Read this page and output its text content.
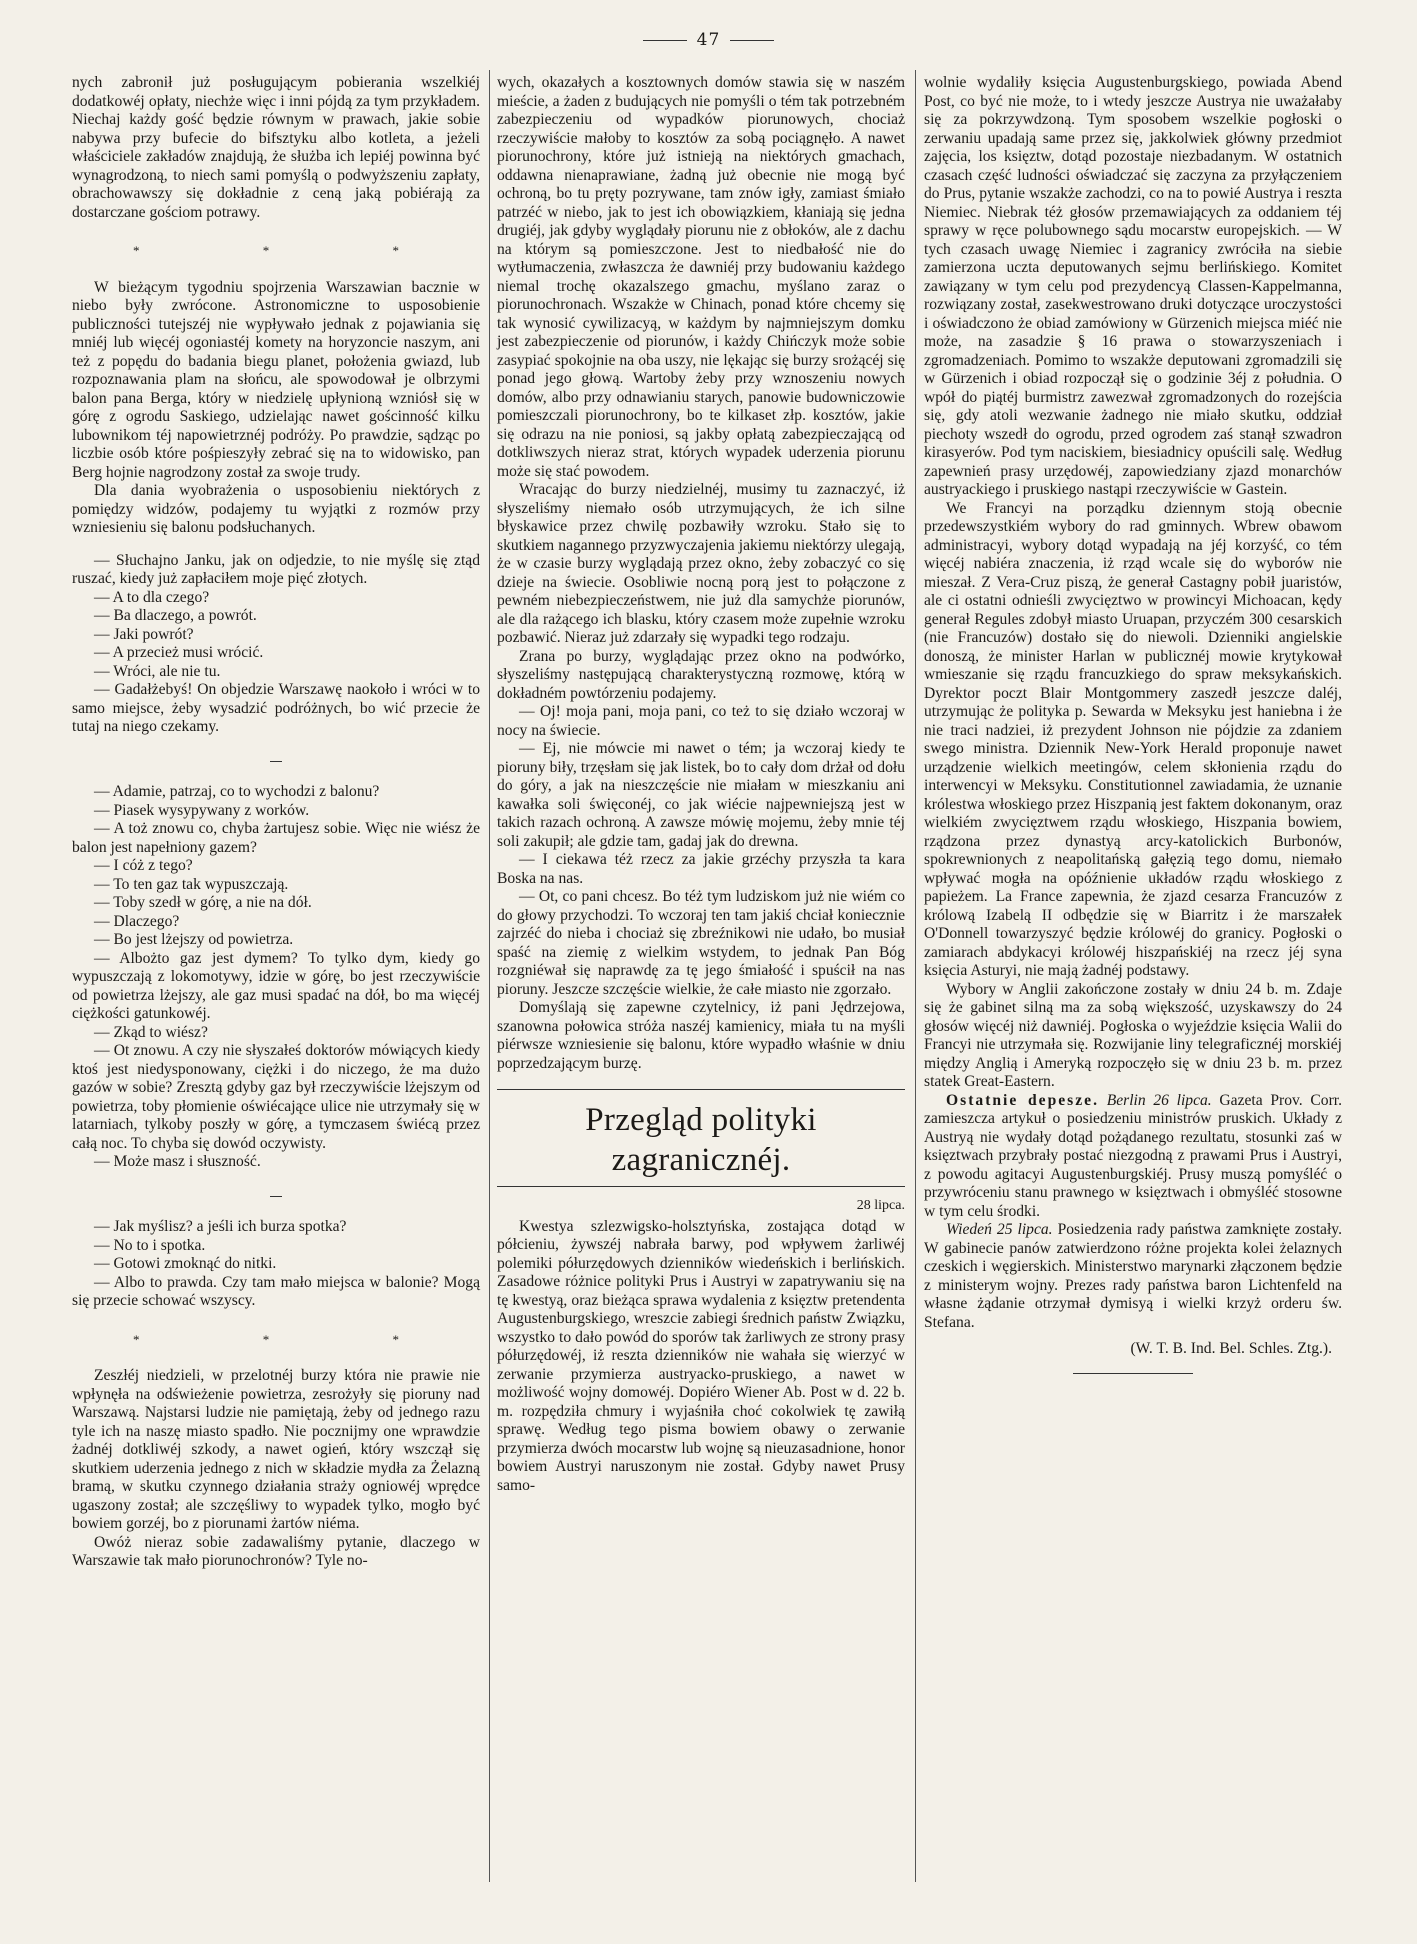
47

nych zabronił już posługującym pobierania wszelkiéj dodatkowéj opłaty, niechże więc i inni pójdą za tym przykładem. Niechaj każdy gość będzie równym w prawach, jakie sobie nabywa przy bufecie do bifsztyku albo kotleta, a jeżeli właściciele zakładów znajdują, że służba ich lepiéj powinna być wynagrodzoną, to niech sami pomyślą o podwyższeniu zapłaty, obrachowawszy się dokładnie z ceną jaką pobiérają za dostarczane gościom potrawy.

* * *

W bieżącym tygodniu spojrzenia Warszawian bacznie w niebo były zwrócone. Astronomiczne to usposobienie publiczności tutejszéj nie wypływało jednak z pojawiania się mniéj lub więcéj ogoniastéj komety na horyzoncie naszym, ani też z popędu do badania biegu planet, położenia gwiazd, lub rozpoznawania plam na słońcu, ale spowodował je olbrzymi balon pana Berga, który w niedzielę upłynioną wzniósł się w górę z ogrodu Saskiego, udzielając nawet gościnność kilku lubownikom téj napowietrznéj podróży. Po prawdzie, sądząc po liczbie osób które pośpieszyły zebrać się na to widowisko, pan Berg hojnie nagrodzony został za swoje trudy.

Dla dania wyobrażenia o usposobieniu niektórych z pomiędzy widzów, podajemy tu wyjątki z rozmów przy wzniesieniu się balonu podsłuchanych.

— Słuchajno Janku, jak on odjedzie, to nie myślę się ztąd ruszać, kiedy już zapłaciłem moje pięć złotych.

— A to dla czego?

— Ba dlaczego, a powrót.

— Jaki powrót?

— A przecież musi wrócić.

— Wróci, ale nie tu.

— Gadałżebyś! On objedzie Warszawę naokoło i wróci w to samo miejsce, żeby wysadzić podróżnych, bo wić przecie że tutaj na niego czekamy.

— Adamie, patrzaj, co to wychodzi z balonu?

— Piasek wysypywany z worków.

— A toż znowu co, chyba żartujesz sobie. Więc nie wiész że balon jest napełniony gazem?

— I cóż z tego?

— To ten gaz tak wypuszczają.

— Toby szedł w górę, a nie na dół.

— Dlaczego?

— Bo jest lżejszy od powietrza.

— Albożto gaz jest dymem? To tylko dym, kiedy go wypuszczają z lokomotywy, idzie w górę, bo jest rzeczywiście od powietrza lżejszy, ale gaz musi spadać na dół, bo ma więcéj ciężkości gatunkowéj.

— Zkąd to wiész?

— Ot znowu. A czy nie słyszałeś doktorów mówiących kiedy ktoś jest niedysponowany, ciężki i do niczego, że ma dużo gazów w sobie? Zresztą gdyby gaz był rzeczywiście lżejszym od powietrza, toby płomienie oświécające ulice nie utrzymały się w latarniach, tylkoby poszły w górę, a tymczasem świécą przez całą noc. To chyba się dowód oczywisty.

— Może masz i słuszność.

— Jak myślisz? a jeśli ich burza spotka?

— No to i spotka.

— Gotowi zmoknąć do nitki.

— Albo to prawda. Czy tam mało miejsca w balonie? Mogą się przecie schować wszyscy.

* * *

Zeszłéj niedzieli, w przelotnéj burzy która nie prawie nie wpłynęła na odświeżenie powietrza, zesrożyły się pioruny nad Warszawą. Najstarsi ludzie nie pamiętają, żeby od jednego razu tyle ich na naszę miasto spadło. Nie pocznijmy one wprawdzie żadnéj dotkliwéj szkody, a nawet ogień, który wszczął się skutkiem uderzenia jednego z nich w składzie mydła za Żelazną bramą, w skutku czynnego działania straży ogniowéj wprędce ugaszony został; ale szczęśliwy to wypadek tylko, mogło być bowiem gorzéj, bo z piorunami żartów niéma.

Owóż nieraz sobie zadawaliśmy pytanie, dlaczego w Warszawie tak mało piorunochronów? Tyle no-

wych, okazałych a kosztownych domów stawia się w naszém mieście, a żaden z budujących nie pomyśli o tém tak potrzebném zabezpieczeniu od wypadków piorunowych, chociaż rzeczywiście małoby to kosztów za sobą pociągnęło. A nawet piorunochrony, które już istnieją na niektórych gmachach, oddawna nienaprawiane, żadną już obecnie nie mogą być ochroną, bo tu pręty pozrywane, tam znów igły, zamiast śmiało patrzéć w niebo, jak to jest ich obowiązkiem, kłaniają się jedna drugiéj, jak gdyby wyglądały piorunu nie z obłoków, ale z dachu na którym są pomieszczone. Jest to niedbałość nie do wytłumaczenia, zwłaszcza że dawniéj przy budowaniu każdego niemal trochę okazalszego gmachu, myślano zaraz o piorunochronach. Wszakże w Chinach, ponad które chcemy się tak wynosić cywilizacyą, w każdym by najmniejszym domku jest zabezpieczenie od piorunów, i każdy Chińczyk może sobie zasypiać spokojnie na oba uszy, nie lękając się burzy srożącéj się ponad jego głową. Wartoby żeby przy wznoszeniu nowych domów, albo przy odnawianiu starych, panowie budowniczowie pomieszczali piorunochrony, bo te kilkaset złp. kosztów, jakie się odrazu na nie poniosi, są jakby opłatą zabezpieczającą od dotkliwszych nieraz strat, których wypadek uderzenia piorunu może się stać powodem.

Wracając do burzy niedzielnéj, musimy tu zaznaczyć, iż słyszeliśmy niemało osób utrzymujących, że ich silne błyskawice przez chwilę pozbawiły wzroku. Stało się to skutkiem nagannego przyzwyczajenia jakiemu niektórzy ulegają, że w czasie burzy wyglądają przez okno, żeby zobaczyć co się dzieje na świecie. Osobliwie nocną porą jest to połączone z pewném niebezpieczeństwem, nie już dla samychże piorunów, ale dla rażącego ich blasku, który czasem może zupełnie wzroku pozbawić. Nieraz już zdarzały się wypadki tego rodzaju.

Zrana po burzy, wyglądając przez okno na podwórko, słyszeliśmy następującą charakterystyczną rozmowę, którą w dokładném powtórzeniu podajemy.

— Oj! moja pani, moja pani, co też to się działo wczoraj w nocy na świecie.

— Ej, nie mówcie mi nawet o tém; ja wczoraj kiedy te pioruny biły, trzęsłam się jak listek, bo to cały dom drżał od dołu do góry, a jak na nieszczęście nie miałam w mieszkaniu ani kawałka soli święconéj, co jak wiécie najpewniejszą jest w takich razach ochroną. A zawsze mówię mojemu, żeby mnie téj soli zakupił; ale gdzie tam, gadaj jak do drewna.

— I ciekawa téż rzecz za jakie grzéchy przyszła ta kara Boska na nas.

— Ot, co pani chcesz. Bo téż tym ludziskom już nie wiém co do głowy przychodzi. To wczoraj ten tam jakiś chciał koniecznie zajrzéć do nieba i chociaż się zbreźnikowi nie udało, bo musiał spaść na ziemię z wielkim wstydem, to jednak Pan Bóg rozgniéwał się naprawdę za tę jego śmiałość i spuścił na nas pioruny. Jeszcze szczęście wielkie, że całe miasto nie zgorzało.

Domyślają się zapewne czytelnicy, iż pani Jędrzejowa, szanowna połowica stróża naszéj kamienicy, miała tu na myśli piérwsze wzniesienie się balonu, które wypadło właśnie w dniu poprzedzającym burzę.

Przegląd polityki zagranicznéj.
28 lipca.

Kwestya szlezwigsko-holsztyńska, zostająca dotąd w półcieniu, żywszéj nabrała barwy, pod wpływem żarliwéj polemiki półurzędowych dzienników wiedeńskich i berlińskich. Zasadowe różnice polityki Prus i Austryi w zapatrywaniu się na tę kwestyą, oraz bieżąca sprawa wydalenia z księztw pretendenta Augustenburgskiego, wreszcie zabiegi średnich państw Związku, wszystko to dało powód do sporów tak żarliwych ze strony prasy półurzędowéj, iż reszta dzienników nie wahała się wierzyć w zerwanie przymierza austryacko-pruskiego, a nawet w możliwość wojny domowéj. Dopiéro Wiener Ab. Post w d. 22 b. m. rozpędziła chmury i wyjaśniła choć cokolwiek tę zawiłą sprawę. Według tego pisma bowiem obawy o zerwanie przymierza dwóch mocarstw lub wojnę są nieuzasadnione, honor bowiem Austryi naruszonym nie został. Gdyby nawet Prusy samo-

wolnie wydaliły księcia Augustenburgskiego, powiada Abend Post, co być nie może, to i wtedy jeszcze Austrya nie uważałaby się za pokrzywdzoną. Tym sposobem wszelkie pogłoski o zerwaniu upadają same przez się, jakkolwiek główny przedmiot zajęcia, los księztw, dotąd pozostaje niezbadanym. W ostatnich czasach część ludności oświadczać się zaczyna za przyłączeniem do Prus, pytanie wszakże zachodzi, co na to powié Austrya i reszta Niemiec. Niebrak téż głosów przemawiających za oddaniem téj sprawy w ręce polubownego sądu mocarstw europejskich. — W tych czasach uwagę Niemiec i zagranicy zwróciła na siebie zamierzona uczta deputowanych sejmu berlińskiego. Komitet zawiązany w tym celu pod prezydencyą Classen-Kappelmanna, rozwiązany został, zasekwestrowano druki dotyczące uroczystości i oświadczono że obiad zamówiony w Gürzenich miejsca miéć nie może, na zasadzie § 16 prawa o stowarzyszeniach i zgromadzeniach. Pomimo to wszakże deputowani zgromadzili się w Gürzenich i obiad rozpoczął się o godzinie 3éj z południa. O wpół do piątéj burmistrz zawezwał zgromadzonych do rozejścia się, gdy atoli wezwanie żadnego nie miało skutku, oddział piechoty wszedł do ogrodu, przed ogrodem zaś stanął szwadron kirasyerów. Pod tym naciskiem, biesiadnicy opuścili salę. Według zapewnień prasy urzędowéj, zapowiedziany zjazd monarchów austryackiego i pruskiego nastąpi rzeczywiście w Gastein.

We Francyi na porządku dziennym stoją obecnie przedewszystkiém wybory do rad gminnych. Wbrew obawom administracyi, wybory dotąd wypadają na jéj korzyść, co tém więcéj nabiéra znaczenia, iż rząd wcale się do wyborów nie mieszał. Z Vera-Cruz piszą, że generał Castagny pobił juaristów, ale ci ostatni odnieśli zwycięztwo w prowincyi Michoacan, kędy generał Regules zdobył miasto Uruapan, przyczém 300 cesarskich (nie Francuzów) dostało się do niewoli. Dzienniki angielskie donoszą, że minister Harlan w publicznéj mowie krytykował wmieszanie się rządu francuzkiego do spraw meksykańskich. Dyrektor poczt Blair Montgommery zaszedł jeszcze daléj, utrzymując że polityka p. Sewarda w Meksyku jest haniebna i że nie traci nadziei, iż prezydent Johnson nie pójdzie za zdaniem swego ministra. Dziennik New-York Herald proponuje nawet urządzenie wielkich meetingów, celem skłonienia rządu do interwencyi w Meksyku. Constitutionnel zawiadamia, że uznanie królestwa włoskiego przez Hiszpanią jest faktem dokonanym, oraz wielkiém zwycięztwem rządu włoskiego, Hiszpania bowiem, rządzona przez dynastyą arcy-katolickich Burbonów, spokrewnionych z neapolitańską gałęzią tego domu, niemało wpływać mogła na opóźnienie układów rządu włoskiego z papieżem. La France zapewnia, że zjazd cesarza Francuzów z królową Izabelą II odbędzie się w Biarritz i że marszałek O'Donnell towarzyszyć będzie królowéj do granicy. Pogłoski o zamiarach abdykacyi królowéj hiszpańskiéj na rzecz jéj syna księcia Asturyi, nie mają żadnéj podstawy.

Wybory w Anglii zakończone zostały w dniu 24 b. m. Zdaje się że gabinet silną ma za sobą większość, uzyskawszy do 24 głosów więcéj niż dawniéj. Pogłoska o wyjeździe księcia Walii do Francyi nie utrzymała się. Rozwijanie liny telegraficznéj morskiéj między Anglią i Ameryką rozpoczęło się w dniu 23 b. m. przez statek Great-Eastern.

Ostatnie depesze. Berlin 26 lipca. Gazeta Prov. Corr. zamieszcza artykuł o posiedzeniu ministrów pruskich. Układy z Austryą nie wydały dotąd pożądanego rezultatu, stosunki zaś w księztwach przybrały postać niezgodną z prawami Prus i Austryi, z powodu agitacyi Augustenburgskiéj. Prusy muszą pomyśléć o przywróceniu stanu prawnego w księztwach i obmyśléć stosowne w tym celu środki.

Wiedeń 25 lipca. Posiedzenia rady państwa zamknięte zostały. W gabinecie panów zatwierdzono różne projekta kolei żelaznych czeskich i węgierskich. Ministerstwo marynarki złączonem będzie z ministerym wojny. Prezes rady państwa baron Lichtenfeld na własne żądanie otrzymał dymisyą i wielki krzyż orderu św. Stefana.

(W. T. B. Ind. Bel. Schles. Ztg.).
